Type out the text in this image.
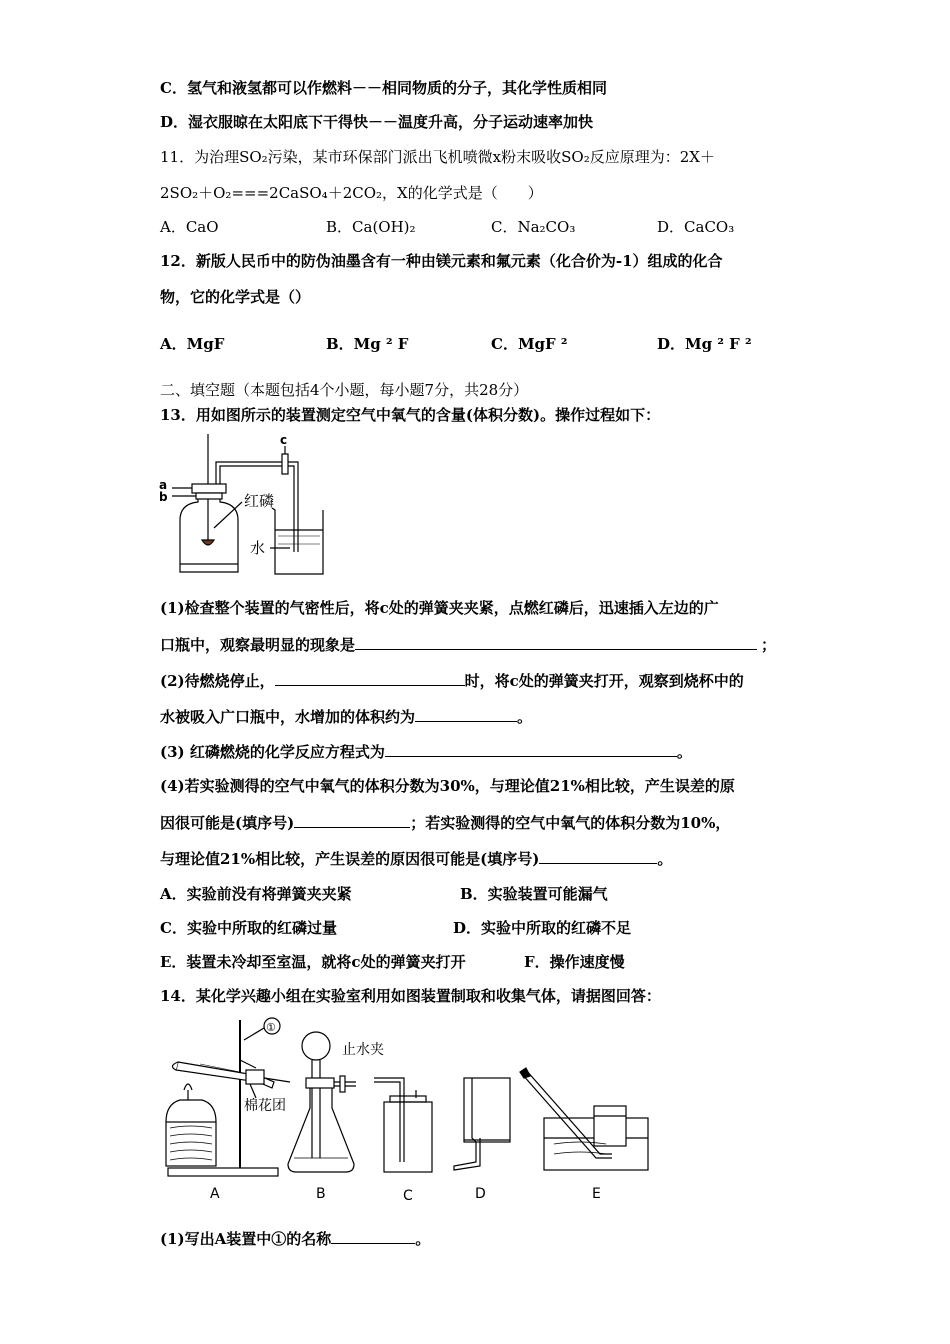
C．氢气和液氢都可以作燃料－－相同物质的分子，其化学性质相同
D．湿衣服晾在太阳底下干得快－－温度升高，分子运动速率加快
11．为治理SO₂污染，某市环保部门派出飞机喷微x粉末吸收SO₂反应原理为：2X＋
2SO₂＋O₂===2CaSO₄＋2CO₂，X的化学式是（　　）
A．CaO	B．Ca(OH)₂	C．Na₂CO₃	D．CaCO₃
12．新版人民币中的防伪油墨含有一种由镁元素和氟元素（化合价为-1）组成的化合
物，它的化学式是（）
A．MgF	B．Mg ² F	C．MgF ²	D．Mg ² F ²
二、填空题（本题包括4个小题，每小题7分，共28分）
13．用如图所示的装置测定空气中氧气的含量(体积分数)。操作过程如下：
a
b
c
红磷
水
(1)检查整个装置的气密性后，将c处的弹簧夹夹紧，点燃红磷后，迅速插入左边的广
口瓶中，观察最明显的现象是	；
(2)待燃烧停止，	时，将c处的弹簧夹打开，观察到烧杯中的
水被吸入广口瓶中，水增加的体积约为	。
(3) 红磷燃烧的化学反应方程式为	。
(4)若实验测得的空气中氧气的体积分数为30%，与理论值21%相比较，产生误差的原
因很可能是(填序号)	；若实验测得的空气中氧气的体积分数为10%，
与理论值21%相比较，产生误差的原因很可能是(填序号)	。
A．实验前没有将弹簧夹夹紧	B．实验装置可能漏气
C．实验中所取的红磷过量	D．实验中所取的红磷不足
E．装置未冷却至室温，就将c处的弹簧夹打开	F．操作速度慢
14．某化学兴趣小组在实验室利用如图装置制取和收集气体，请据图回答：
①
棉花团
止水夹
A	B	C	D	E
(1)写出A装置中①的名称	。
